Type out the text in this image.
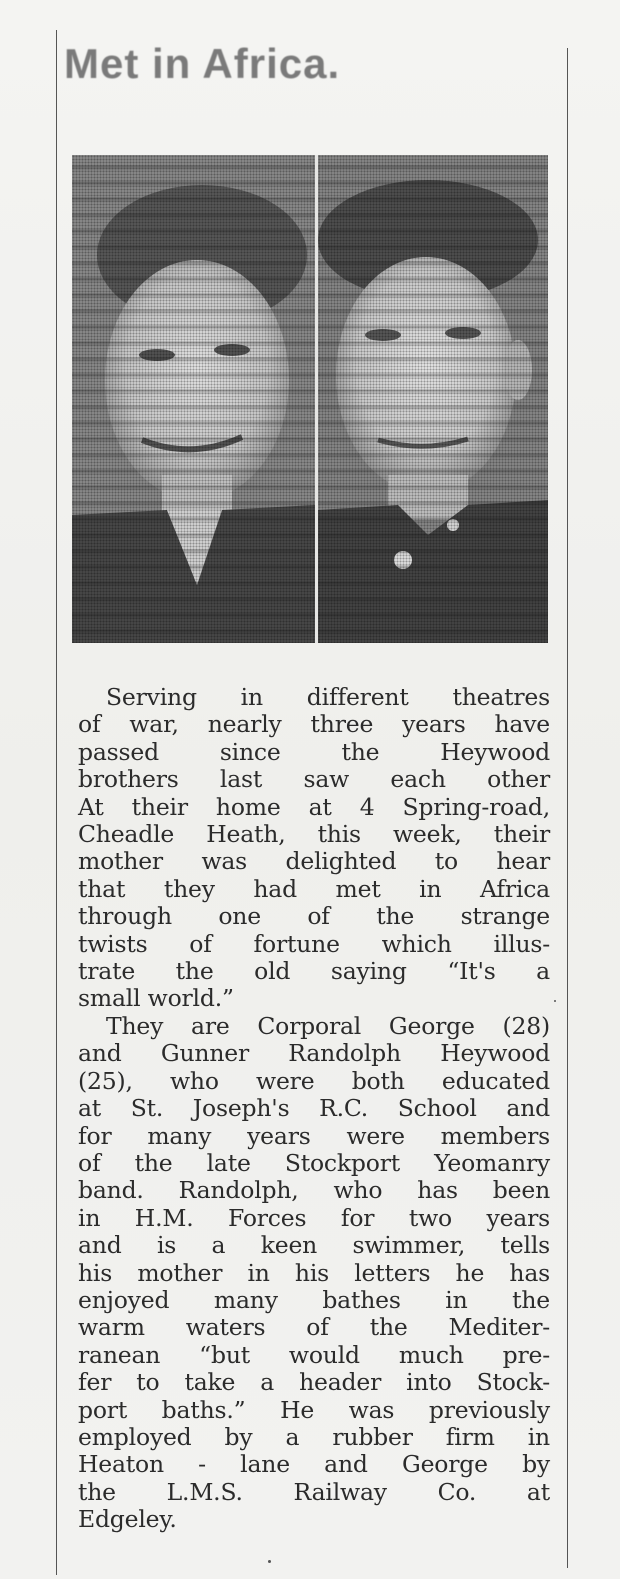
Met in Africa.

Serving in different theatres
of war, nearly three years have
passed since the Heywood
brothers last saw each other
At their home at 4 Spring-road,
Cheadle Heath, this week, their
mother was delighted to hear
that they had met in Africa
through one of the strange
twists of fortune which illus-
trate the old saying “It's a
small world.”

They are Corporal George (28)
and Gunner Randolph Heywood
(25), who were both educated
at St. Joseph's R.C. School and
for many years were members
of the late Stockport Yeomanry
band. Randolph, who has been
in H.M. Forces for two years
and is a keen swimmer, tells
his mother in his letters he has
enjoyed many bathes in the
warm waters of the Mediter-
ranean “but would much pre-
fer to take a header into Stock-
port baths.” He was previously
employed by a rubber firm in
Heaton - lane and George by
the L.M.S. Railway Co. at
Edgeley.
